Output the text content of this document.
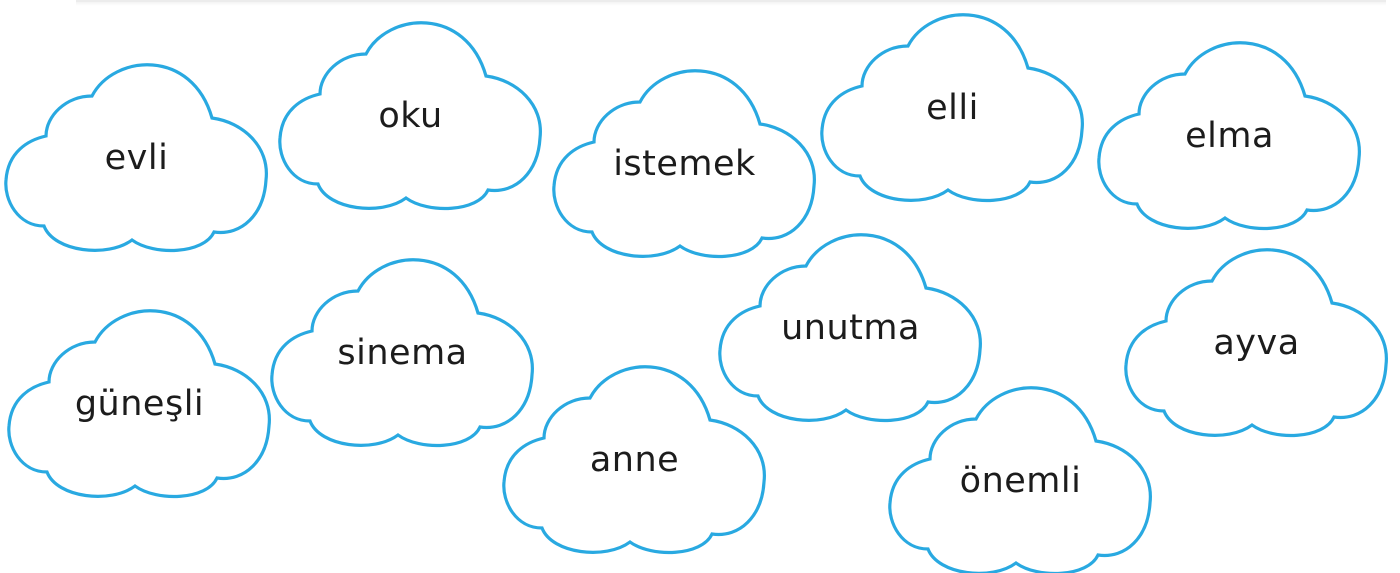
evli
oku
istemek
elli
elma
güneşli
sinema
anne
unutma
önemli
ayva
